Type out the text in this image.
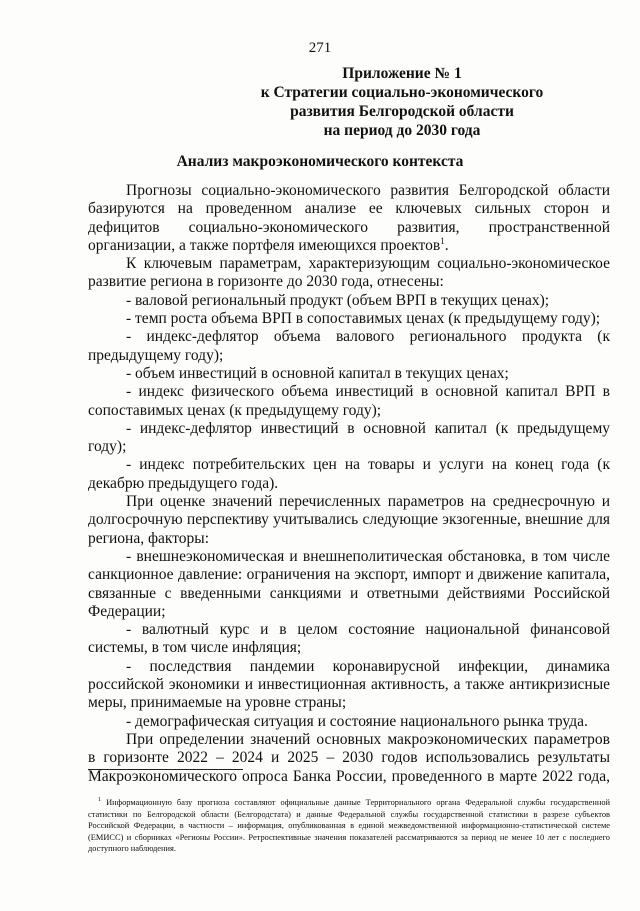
271
Приложение № 1
к Стратегии социально-экономического
развития Белгородской области
на период до 2030 года
Анализ макроэкономического контекста

Прогнозы социально-экономического развития Белгородской области базируются на проведенном анализе ее ключевых сильных сторон и дефицитов социально-экономического развития, пространственной организации, а также портфеля имеющихся проектов$^1$.

К ключевым параметрам, характеризующим социально-экономическое развитие региона в горизонте до 2030 года, отнесены:

- валовой региональный продукт (объем ВРП в текущих ценах);

- темп роста объема ВРП в сопоставимых ценах (к предыдущему году);

- индекс-дефлятор объема валового регионального продукта (к предыдущему году);

- объем инвестиций в основной капитал в текущих ценах;

- индекс физического объема инвестиций в основной капитал ВРП в сопоставимых ценах (к предыдущему году);

- индекс-дефлятор инвестиций в основной капитал (к предыдущему году);

- индекс потребительских цен на товары и услуги на конец года (к декабрю предыдущего года).

При оценке значений перечисленных параметров на среднесрочную и долгосрочную перспективу учитывались следующие экзогенные, внешние для региона, факторы:

- внешнеэкономическая и внешнеполитическая обстановка, в том числе санкционное давление: ограничения на экспорт, импорт и движение капитала, связанные с введенными санкциями и ответными действиями Российской Федерации;

- валютный курс и в целом состояние национальной финансовой системы, в том числе инфляция;

- последствия пандемии коронавирусной инфекции, динамика российской экономики и инвестиционная активность, а также антикризисные меры, принимаемые на уровне страны;

- демографическая ситуация и состояние национального рынка труда.

При определении значений основных макроэкономических параметров в горизонте 2022 – 2024 и 2025 – 2030 годов использовались результаты Макроэкономического опроса Банка России, проведенного в марте 2022 года,

$^1$ Информационную базу прогноза составляют официальные данные Территориального органа Федеральной службы государственной статистики по Белгородской области (Белгородстата) и данные Федеральной службы государственной статистики в разрезе субъектов Российской Федерации, в частности – информация, опубликованная в единой межведомственной информационно-статистической системе (ЕМИСС) и сборниках «Регионы России». Ретроспективные значения показателей рассматриваются за период не менее 10 лет с последнего доступного наблюдения.
